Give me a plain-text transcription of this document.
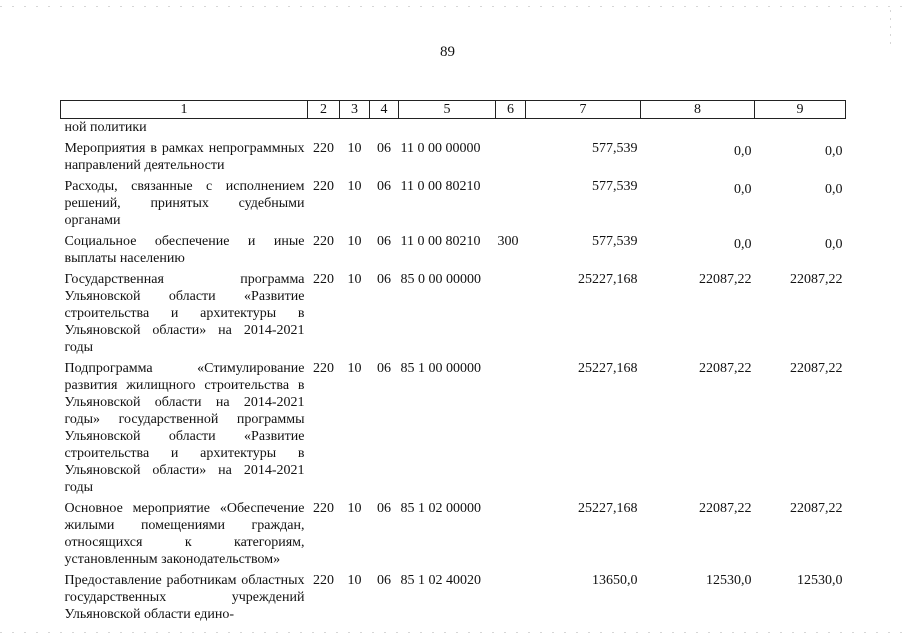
89
1	2	3	4	5	6	7	8	9
ной политики								
Мероприятия в рамках непрограммных направлений деятельности	220	10	06	11 0 00 00000		577,539	0,0	0,0
Расходы, связанные с исполнением решений, принятых судебными органами	220	10	06	11 0 00 80210		577,539	0,0	0,0
Социальное обеспечение и иные выплаты населению	220	10	06	11 0 00 80210	300	577,539	0,0	0,0
Государственная программа Ульяновской области «Развитие строительства и архитектуры в Ульяновской области» на 2014-2021 годы	220	10	06	85 0 00 00000		25227,168	22087,22	22087,22
Подпрограмма «Стимулирование развития жилищного строительства в Ульяновской области на 2014-2021 годы» государственной программы Ульяновской области «Развитие строительства и архитектуры в Ульяновской области» на 2014-2021 годы	220	10	06	85 1 00 00000		25227,168	22087,22	22087,22
Основное мероприятие «Обеспечение жилыми помещениями граждан, относящихся к категориям, установленным законодательством»	220	10	06	85 1 02 00000		25227,168	22087,22	22087,22
Предоставление работникам областных государственных учреждений Ульяновской области едино-	220	10	06	85 1 02 40020		13650,0	12530,0	12530,0
